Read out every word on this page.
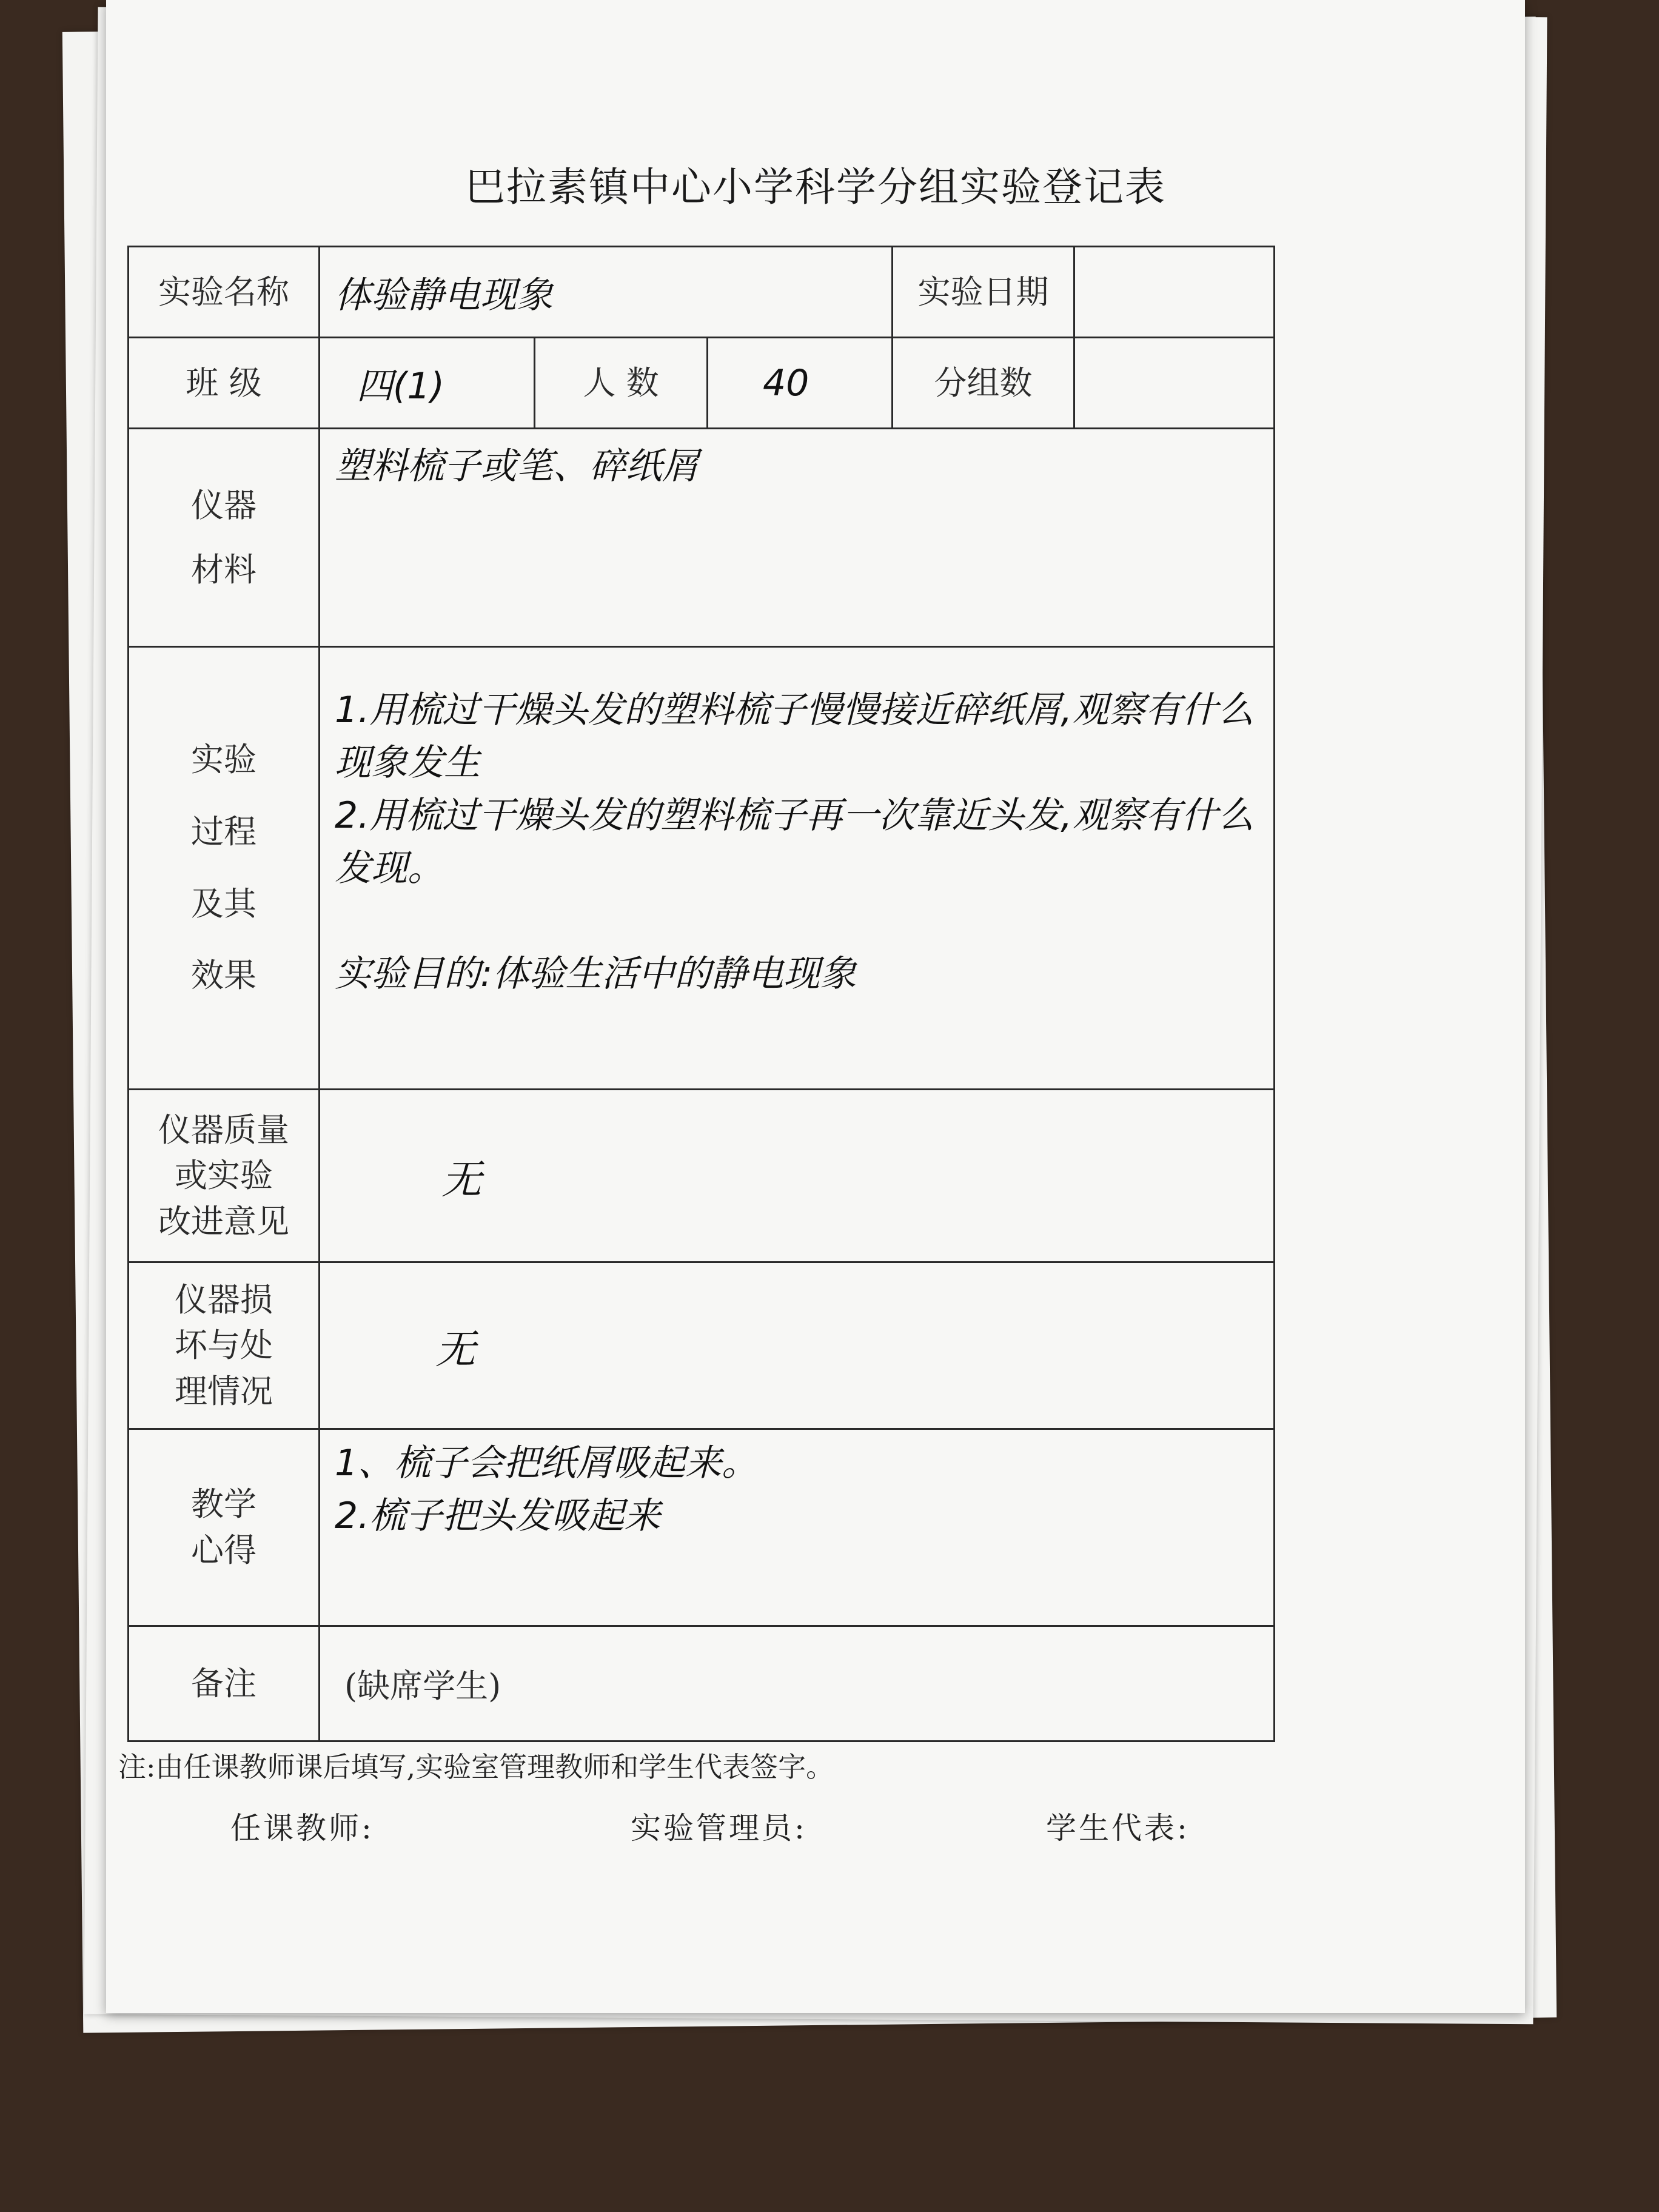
巴拉素镇中心小学科学分组实验登记表
实验名称	体验静电现象			实验日期	
班 级	四(1)	人 数	40	分组数	
仪器
材料	塑料梳子或笔、碎纸屑				
实验
过程
及其
效果	1.用梳过干燥头发的塑料梳子慢慢接近碎纸屑,观察有什么现象发生
2.用梳过干燥头发的塑料梳子再一次靠近头发,观察有什么发现。

实验目的:体验生活中的静电现象				
仪器质量
或实验
改进意见	无				
仪器损
坏与处
理情况	无				
教学
心得	1、梳子会把纸屑吸起来。
2.梳子把头发吸起来				
备注	(缺席学生)				
注:由任课教师课后填写,实验室管理教师和学生代表签字。
任课教师:	实验管理员:	学生代表:
